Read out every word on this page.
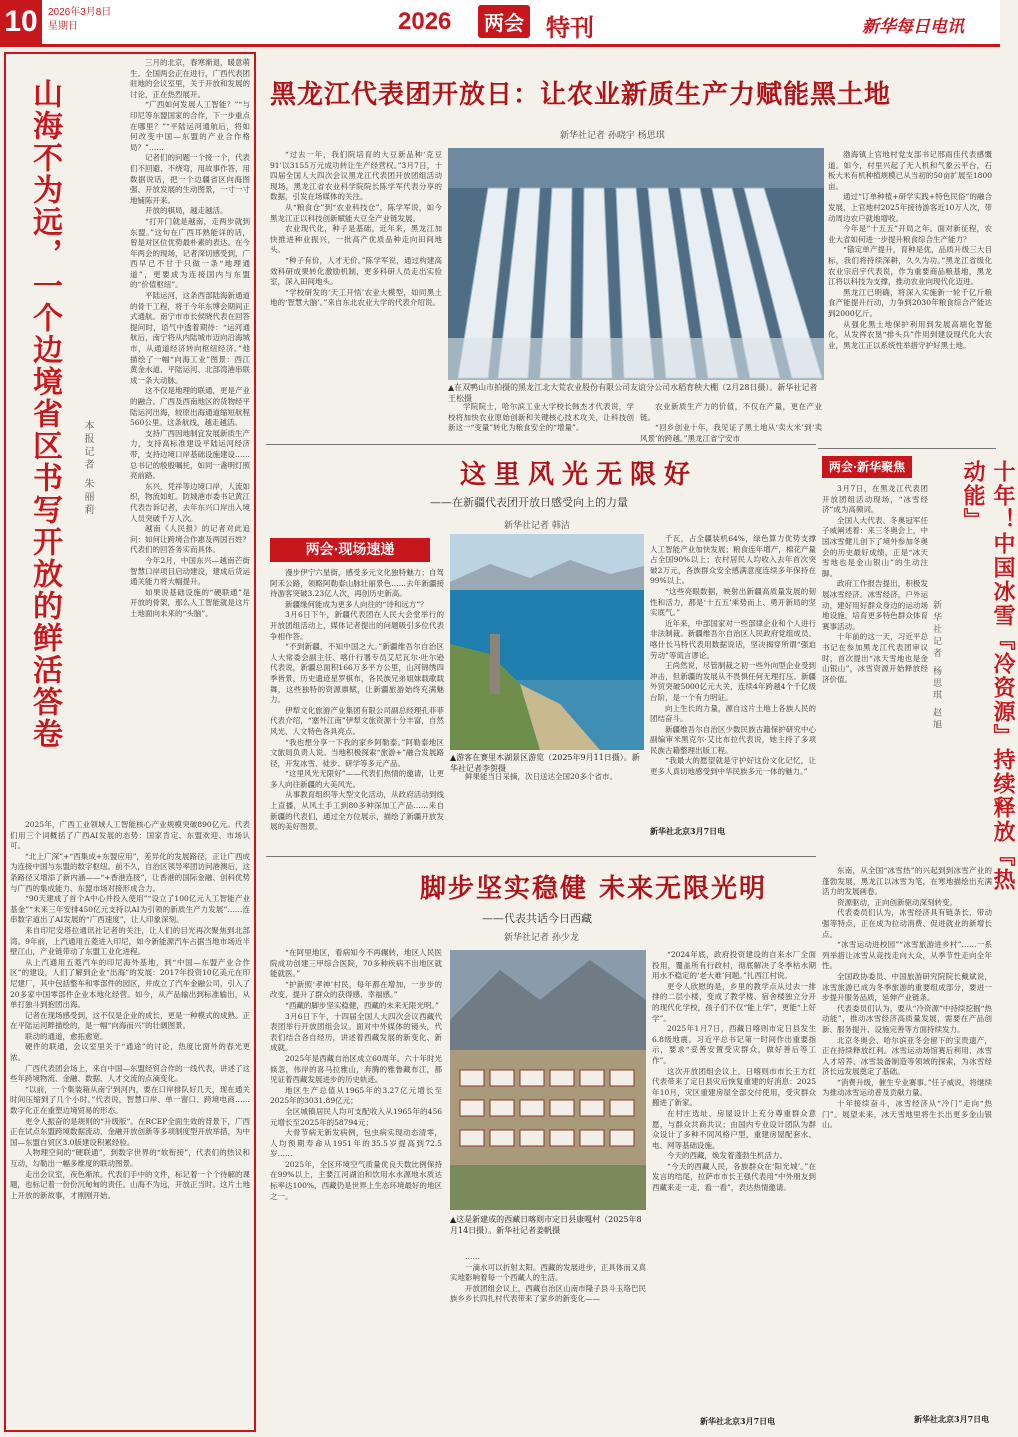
10	2026年3月8日
星期日	2026	两会 特刊	新华每日电讯
山海不为远，一个边境省区书写开放的鲜活答卷	本报记者 朱丽莉

三月的北京，春寒渐退，暖意萌生。全国两会正在进行，广西代表团驻地的会议室里，关于开放和发展的讨论，正在热烈展开。

“广西如何发展人工智能？”“与印尼等东盟国家的合作，下一步重点在哪里？”“平陆运河通航后，将如何改变中国—东盟的产业合作格局？”……

记者们的问题一个接一个，代表们不回避、不绕弯，用故事作答，用数据说话，把一个边疆省区向海图强、开放发展的生动图景，一寸一寸地铺陈开来。

开放的棋局，越走越活。

“打开门就是越南，走两步就到东盟。”这句在广西耳熟能详的话，曾是对区位优势最朴素的表达。在今年两会的现场，记者深切感受到，广西早已不甘于只做一条“地理通道”，更要成为连接国内与东盟的“价值枢纽”。

平陆运河，这条西部陆海新通道的骨干工程，将于今年东博会期间正式通航。南宁市市长侯晓代表在回答提问时，语气中透着期待：“运河通航后，南宁将从内陆城市迈向沿海城市，从通道经济转向枢纽经济。”他描绘了一幅“向海工业”图景：西江黄金水道、平陆运河、北部湾港串联成一条大动脉。

这不仅是地理的联通，更是产业的融合。广西及西南地区的货物经平陆运河出海，较原出海通道缩短航程560公里。这条航线，越走越活。

支持广西因地制宜发展新质生产力，支持高标准建设平陆运河经济带，支持边境口岸基础设施建设……总书记的殷殷嘱托，如同一盏明灯照亮前路。

东兴，凭祥等边境口岸，人流如织，物流如虹。防城港市委书记黄江代表告诉记者，去年东兴口岸出入境人员突破千万人次。

越南《人民报》的记者对此追问：如何让跨境合作惠及两国百姓？代表们的回答务实而具体。

今年2月，中国东兴—越南芒街智慧口岸项目启动建设，建成后货运通关能力将大幅提升。

如果说基础设施的“硬联通”是开放的骨架，那么人工智能就是这片土地面向未来的“头脑”。

2025年，广西工业领域人工智能核心产业规模突破890亿元。代表们用三个词概括了广西AI发展的态势：国家肯定、东盟欢迎、市场认可。

“北上广深”+“西集成+东盟应用”，差异化的发展路径，正让广西成为连接中国与东盟的数字枢纽。前不久，自治区领导率团访问港澳后，这条路径又增添了新内涵——“+香港连接”，让香港的国际金融、创科优势与广西的集成能力、东盟市场对接形成合力。

“90天建成了首个A中心并投入使用”“设立了100亿元人工智能产业基金”“未来三年安排450亿元支持以AI为引领的新质生产力发展”……连串数字道出了AI发展的“广西速度”，让人印象深刻。

来自印尼安塔拉通讯社记者的关注，让人们的目光再次聚焦到北部湾。9年前，上汽通用五菱进入印尼，如今新能源汽车占据当地市场近半壁江山，产业链带动了东盟工业化进程。

从上汽通用五菱汽车的印尼海外基地，到“中国—东盟产业合作区”的建设，人们了解到企业“出海”的发展：2017年投资10亿美元在印尼建厂，其中包括整车和零部件的园区，并成立了汽车金融公司，引入了20多家中国零部件企业本地化经营。如今，从产品输出到标准输出，从单打独斗到抱团出海。

记者在现场感受到，这不仅是企业的成长，更是一种模式的成熟。正在平陆运河畔描绘的，是一幅“向海而兴”的壮阔图景。

联动的通道，愈拓愈宽。

硬件的联通，会议室里关于“通途”的讨论，热度比窗外的春光更浓。

广西代表团会场上，来自中国—东盟经贸合作的一线代表，讲述了这些年跨境物流、金融、数据、人才交流的点滴变化。

“以前，一个集装箱从南宁到河内，要在口岸排队好几天，现在通关时间压缩到了几个小时。”代表说，智慧口岸、单一窗口、跨境电商……数字化正在重塑边境贸易的形态。

更令人振奋的是规则的“升级版”。在RCEP全面生效的背景下，广西正在试点东盟跨境数据流动、金融开放创新等多项制度型开放举措，为中国—东盟自贸区3.0版建设积累经验。

人物理空间的“硬联通”，到数字世界的“软衔接”，代表们的热议和互动，勾勒出一幅多维度的联动图景。

走出会议室，夜色渐浓。代表们手中的文件，标记着一个个待解的课题，也标记着一份份沉甸甸的责任。山海不为远，开放正当时。这片土地上开放的新故事，才刚刚开始。

黑龙江代表团开放日：让农业新质生产力赋能黑土地
新华社记者 孙晓宇 杨思琪

“过去一年，我们院培育的大豆新品种‘克豆91’以3155万元成功转让生产经营权。”3月7日，十四届全国人大四次会议黑龙江代表团开放团组活动现场，黑龙江省农业科学院院长陈学军代表分享的数据，引发在场媒体的关注。

从“粮食仓”到“农业科技仓”，陈学军说，如今黑龙江正以科技创新赋能大豆全产业链发展。

农业现代化，种子是基础。近年来，黑龙江加快推进种业振兴，一批高产优质品种走向田间地头。

“种子有价，人才无价。”陈学军说，通过构建高效科研成果转化激励机制，更多科研人员走出实验室，深入田间地头。

“学校研发的‘天工开悟’农业大模型，如同黑土地的‘智慧大脑’。”来自东北农业大学的代表介绍说。

▲在双鸭山市拍摄的黑龙江北大荒农业股份有限公司友谊分公司水稻育秧大棚（2月28日摄）。新华社记者王松摄

学院院士，哈尔滨工业大学校长韩杰才代表说，学校将加快农业原始创新和关键核心技术攻关，让科技创新这一“变量”转化为粮食安全的“增量”。

农业新质生产力的价值，不仅在产量，更在产业链。

“回乡创业十年，我见证了黑土地从‘卖大米’到‘卖风景’的跨越。”黑龙江省宁安市

渤海镇上官地村党支部书记邢雨佳代表感慨道。如今，村里兴起了无人机和气象云平台，石板大米有机种植规模已从当初的50亩扩展至1800亩。

通过“订单种植+研学实践+特色民俗”的融合发展，上官地村2025年接待游客近10万人次，带动周边农户就地增收。

今年是“十五五”开局之年。面对新征程，农业大省如何进一步提升粮食综合生产能力？

“锚定单产提升，育种是优，品质升级三大目标，我们将持续深耕，久久为功。”黑龙江省级化农业宗启宇代表说，作为重要商品粮基地，黑龙江将以科技为支撑，推动农业向现代化迈进。

黑龙江已明确，将深入实施新一轮千亿斤粮食产能提升行动，力争到2030年粮食综合产能达到2000亿斤。

从强化黑土地保护利用到发展高端化智能化，从发挥农垦“排头兵”作用到建设现代化大农业，黑龙江正以系统性举措守护好黑土地。

这里风光无限好
——在新疆代表团开放日感受向上的力量
新华社记者 韩洁
两会·现场速递

漫步伊宁六星街，感受多元文化独特魅力；自驾阿禾公路，领略阿勒泰山脉壮丽景色……去年新疆接待游客突破3.23亿人次，再创历史新高。

新疆缘何能成为更多人向往的“诗和远方”？

3月6日下午，新疆代表团在人民大会堂举行的开放团组活动上，媒体记者提出的问题吸引多位代表争相作答。

“不到新疆，不知中国之大。”新疆维吾尔自治区人大常委会副主任、喀什行署专员艾尼瓦尔·吐尔逊代表说，新疆总面积166万多平方公里，山河锦绣四季皆景，历史遗迹星罗棋布，各民族兄弟姐妹载歌载舞，这些独特的资源禀赋，让新疆旅游始终充满魅力。

伊犁文化旅游产业集团有限公司副总经理孔菲菲代表介绍，“塞外江南”伊犁文旅资源十分丰富，自然风光、人文特色各具亮点。

“我也想分享一下我的家乡阿勒泰。”阿勒泰地区文旅局负责人说。当地积极探索“旅游+”融合发展路径，开发冰雪、徒步、研学等多元产品。

“这里风光无限好”——代表们热情的邀请，让更多人向往新疆的大美风光。

从事教育组织等大型文化活动，从政府活动到线上直播，从风土手工到80多种深加工产品……来自新疆的代表们，通过全方位展示，描绘了新疆开放发展的美好图景。

▲游客在赛里木湖景区游览（2025年9月11日摄）。新华社记者李贺摄

鲜果能当日采摘，次日送达全国20多个省市。

千瓦，占全疆装机64%，绿色算力优势支撑人工智能产业加快发展；粮食连年增产，棉花产量占全国90%以上；农村居民人均收入去年首次突破2万元，各族群众安全感满意度连续多年保持在99%以上。

“这些亮眼数据，映射出新疆高质量发展的韧性和活力，都是‘十五五’乘势而上、勇开新局的坚实底气。”

近年来，中部国家对一些部律企业和个人进行非法制裁。新疆维吾尔自治区人民政府党组成员、喀什长马特代表用数据说话，坚决揭穿所谓“强迫劳动”等谎言谬论。

王尚然说，尽管制裁之初一些外向型企业受到冲击，但新疆的发展从不畏惧任何无理打压。新疆外贸突破5000亿元大关，连续4年跨越4个千亿级台阶，是一个有力明证。

向上生长的力量，源自这片土地上各族人民的团结奋斗。

新疆维吾尔自治区少数民族古籍保护研究中心副编审米黑克尔·艾比布拉代表说，她主持了多项民族古籍整理出版工程。

“我最大的愿望就是守护好这份文化记忆，让更多人真切地感受到中华民族多元一体的魅力。”

新华社北京3月7日电
两会·新华聚焦	十年！中国冰雪『冷资源』持续释放『热动能』
新华社记者 杨思琪 赵旭

3月7日，在黑龙江代表团开放团组活动现场，“冰雪经济”成为高频词。

全国人大代表、冬奥冠军任子威阐述着：来三冬奥会上，中国冰雪健儿创下了境外参加冬奥会的历史最好成绩，正是“冰天雪地也是金山银山”的生动注脚。

政府工作报告提出，积极发展冰雪经济。冰雪经济，户外运动，建好用好群众身边的运动场地设施，培育更多特色群众体育赛事活动。

十年前的这一天，习近平总书记在参加黑龙江代表团审议时，首次提出“冰天雪地也是金山银山”，冰雪资源开始释放经济价值。

东南，从全国“冰雪热”的兴起到到冰雪产业的蓬勃发展，黑龙江以冰雪为笔，在寒地描绘出充满活力的发展画卷。

资源驱动，正向创新驱动深刻转变。

代表委员们认为，冰雪经济具有链条长、带动强等特点，正在成为拉动消费、促进就业的新增长点。

“冰雪运动进校园”“冰雪旅游进乡村”……一系列举措让冰雪从竞技走向大众，从季节性走向全年性。

全国政协委员、中国旅游研究院院长戴斌说，冰雪旅游已成为冬季旅游的重要组成部分，要进一步提升服务品质，延伸产业链条。

代表委员们认为，要从“冷资源”中持续挖掘“热动能”，推动冰雪经济高质量发展，需要在产品创新、服务提升、设施完善等方面持续发力。

北京冬奥会、哈尔滨亚冬会留下的宝贵遗产，正在持续释放红利。冰雪运动场馆赛后利用、冰雪人才培养、冰雪装备制造等领域的探索，为冰雪经济长远发展奠定了基础。

“消费升级，催生专业赛事。”任子威说，将继续为推动冰雪运动普及贡献力量。

十年接续奋斗，冰雪经济从“冷门”走向“热门”。展望未来，冰天雪地里将生长出更多金山银山。

新华社北京3月7日电
脚步坚实稳健 未来无限光明
——代表共话今日西藏
新华社记者 孙少龙

“在阿里地区，看病知今不再辗转，地区人民医院成功创建三甲综合医院，70多种疾病不出地区就能就医。”

“护新照‘孝神’村民，每年都在增加，一步步的改变，提升了群众的获得感、幸福感。”

“西藏的脚步坚实稳健，西藏的未来无限光明。”

3月6日下午，十四届全国人大四次会议西藏代表团举行开放团组会议。面对中外媒体的镜头，代表们结合各自经历，讲述着西藏发展的新变化、新成就。

2025年是西藏自治区成立60周年。六十年时光倏忽，伟岸的喜马拉雅山，奔腾的雅鲁藏布江，都见证着西藏发展进步的历史轨迹。

地区生产总值从1965年的3.27亿元增长至2025年的3031.89亿元；

全区城镇居民人均可支配收入从1965年的456元增长至2025年的58794元；

大骨节病无新发病例，包虫病实现动态清零，人均预期寿命从1951年的35.5岁提高到72.5岁……

2025年，全区环境空气质量优良天数比例保持在99%以上，主要江河湖泊和饮用水水源地水质达标率达100%，西藏仍是世界上生态环境最好的地区之一。

▲这是新建成的西藏日喀则市定日县康嘎村（2025年8月14日摄）。新华社记者姜帆摄

……

一滴水可以折射太阳。西藏的发展进步，正具体而又真实地影响着每一个西藏人的生活。

开放团组会议上，西藏自治区山南市隆子县斗玉珞巴民族乡乡长四扎村代表带来了家乡的新变化——

“2024年底，政府投资建设的自来水厂全面投用，覆盖所有行政村，彻底解决了冬季枯水期用水不稳定的‘老大难’问题。”扎西江村说。

更令人欣慰的是，乡里的教学点从过去一排排的二层小楼，变成了教学楼、宿舍楼独立分开的现代化学校，孩子们不仅“能上学”，更能“上好学”。

2025年1月7日，西藏日喀则市定日县发生6.8级地震。习近平总书记第一时间作出重要指示，要求“妥善安置受灾群众，做好善后等工作”。

这次开放团组会议上，日喀则市市长王方红代表带来了定日县灾后恢复重建的好消息：2025年10月，灾区重建房屋全部交付使用，受灾群众搬进了新家。

在村庄选址、房屋设计上充分尊重群众意愿，与群众共商共议；由国内专业设计团队为群众设计了多种不同风格户型，重建房屋配套水、电、网等基础设施。

今天的西藏，焕发着蓬勃生机活力。

“今天的西藏人民，各族群众在‘阳光城’。”在发言的结尾，拉萨市市长王强代表用“中外朋友到西藏来走一走、看一看”，表达热情邀请。

新华社北京3月7日电
